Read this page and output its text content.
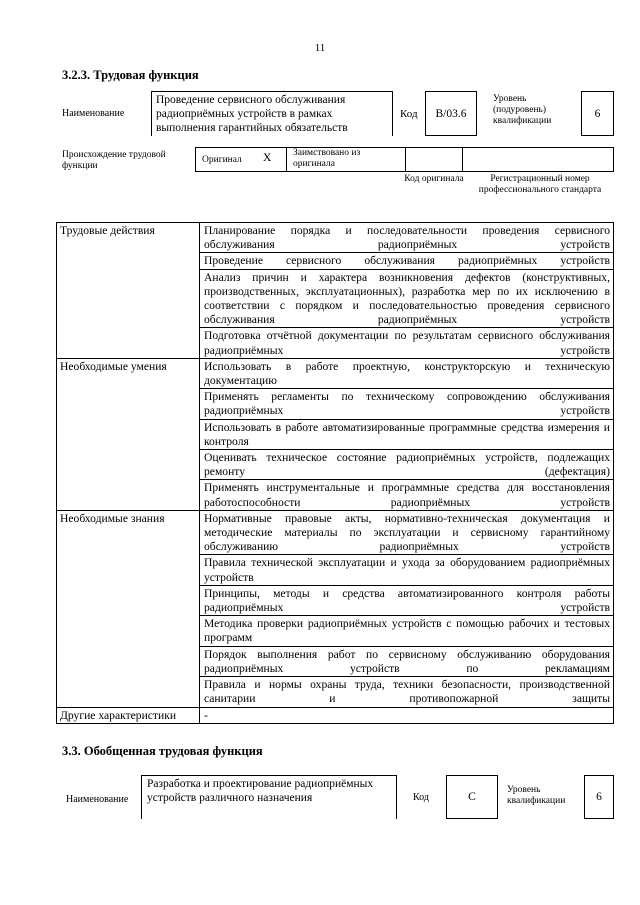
11
3.2.3. Трудовая функция
Наименование
Проведение сервисного обслуживания радиоприёмных устройств в рамках выполнения гарантийных обязательств
Код	B/03.6
Уровень (подуровень) квалификации
6
Происхождение трудовой функции
Оригинал X Заимствовано из оригинала
Код оригинала	Регистрационный номер профессионального стандарта
Трудовые действия	Планирование порядка и последовательности проведения сервисного обслуживания радиоприёмных устройств
	Проведение сервисного обслуживания радиоприёмных устройств
	Анализ причин и характера возникновения дефектов (конструктивных, производственных, эксплуатационных), разработка мер по их исключению в соответствии с порядком и последовательностью проведения сервисного обслуживания радиоприёмных устройств
	Подготовка отчётной документации по результатам сервисного обслуживания радиоприёмных устройств
Необходимые умения	Использовать в работе проектную, конструкторскую и техническую документацию
	Применять регламенты по техническому сопровождению обслуживания радиоприёмных устройств
	Использовать в работе автоматизированные программные средства измерения и контроля
	Оценивать техническое состояние радиоприёмных устройств, подлежащих ремонту (дефектация)
	Применять инструментальные и программные средства для восстановления работоспособности радиоприёмных устройств
Необходимые знания	Нормативные правовые акты, нормативно-техническая документация и методические материалы по эксплуатации и сервисному гарантийному обслуживанию радиоприёмных устройств
	Правила технической эксплуатации и ухода за оборудованием радиоприёмных устройств
	Принципы, методы и средства автоматизированного контроля работы радиоприёмных устройств
	Методика проверки радиоприёмных устройств с помощью рабочих и тестовых программ
	Порядок выполнения работ по сервисному обслуживанию оборудования радиоприёмных устройств по рекламациям
	Правила и нормы охраны труда, техники безопасности, производственной санитарии и противопожарной защиты
Другие характеристики	-
3.3. Обобщенная трудовая функция
Наименование
Разработка и проектирование радиоприёмных устройств различного назначения	Код	C
Уровень квалификации	6
